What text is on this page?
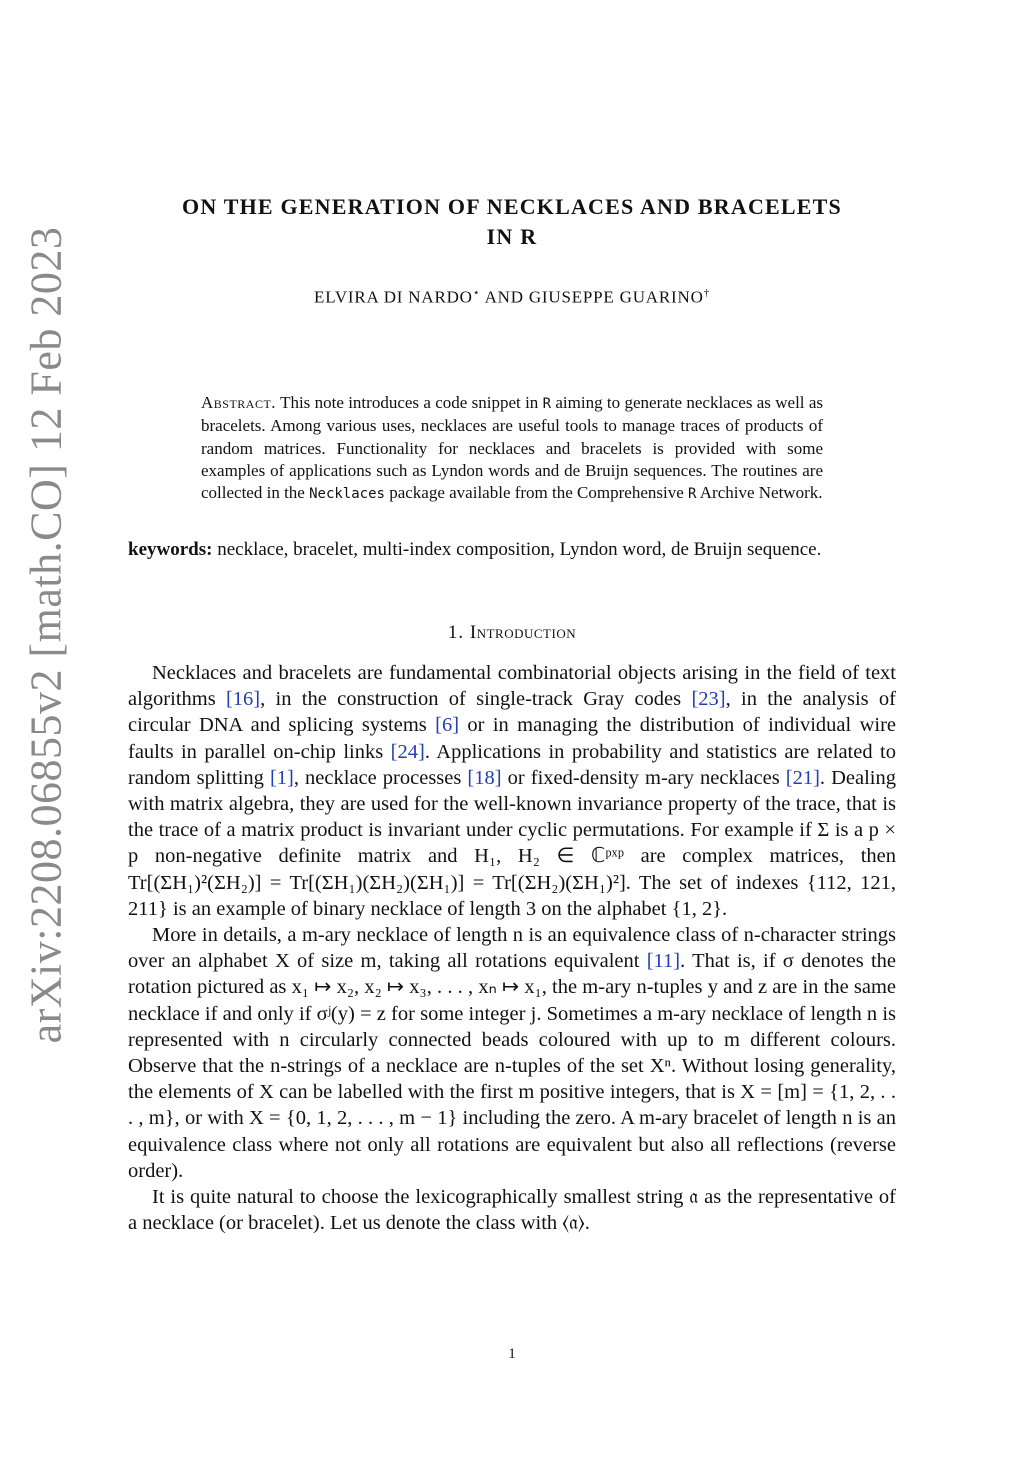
arXiv:2208.06855v2 [math.CO] 12 Feb 2023
ON THE GENERATION OF NECKLACES AND BRACELETS
IN R
ELVIRA DI NARDO⋆ AND GIUSEPPE GUARINO†
Abstract. This note introduces a code snippet in R aiming to generate necklaces as well as bracelets. Among various uses, necklaces are useful tools to manage traces of products of random matrices. Functionality for necklaces and bracelets is provided with some examples of applications such as Lyndon words and de Bruijn sequences. The routines are collected in the Necklaces package available from the Comprehensive R Archive Network.
keywords: necklace, bracelet, multi-index composition, Lyndon word, de Bruijn sequence.
1. Introduction

Necklaces and bracelets are fundamental combinatorial objects arising in the field of text algorithms [16], in the construction of single-track Gray codes [23], in the analysis of circular DNA and splicing systems [6] or in managing the distribution of individual wire faults in parallel on-chip links [24]. Applications in probability and statistics are related to random splitting [1], necklace processes [18] or fixed-density m-ary necklaces [21]. Dealing with matrix algebra, they are used for the well-known invariance property of the trace, that is the trace of a matrix product is invariant under cyclic permutations. For example if Σ is a p × p non-negative definite matrix and H₁, H₂ ∈ ℂᵖˣᵖ are complex matrices, then Tr[(ΣH₁)²(ΣH₂)] = Tr[(ΣH₁)(ΣH₂)(ΣH₁)] = Tr[(ΣH₂)(ΣH₁)²]. The set of indexes {112, 121, 211} is an example of binary necklace of length 3 on the alphabet {1, 2}.

More in details, a m-ary necklace of length n is an equivalence class of n-character strings over an alphabet X of size m, taking all rotations equivalent [11]. That is, if σ denotes the rotation pictured as x₁ ↦ x₂, x₂ ↦ x₃, . . . , xₙ ↦ x₁, the m-ary n-tuples y and z are in the same necklace if and only if σʲ(y) = z for some integer j. Sometimes a m-ary necklace of length n is represented with n circularly connected beads coloured with up to m different colours. Observe that the n-strings of a necklace are n-tuples of the set Xⁿ. Without losing generality, the elements of X can be labelled with the first m positive integers, that is X = [m] = {1, 2, . . . , m}, or with X = {0, 1, 2, . . . , m − 1} including the zero. A m-ary bracelet of length n is an equivalence class where not only all rotations are equivalent but also all reflections (reverse order).

It is quite natural to choose the lexicographically smallest string 𝔞 as the representative of a necklace (or bracelet). Let us denote the class with ⟨𝔞⟩.

1
